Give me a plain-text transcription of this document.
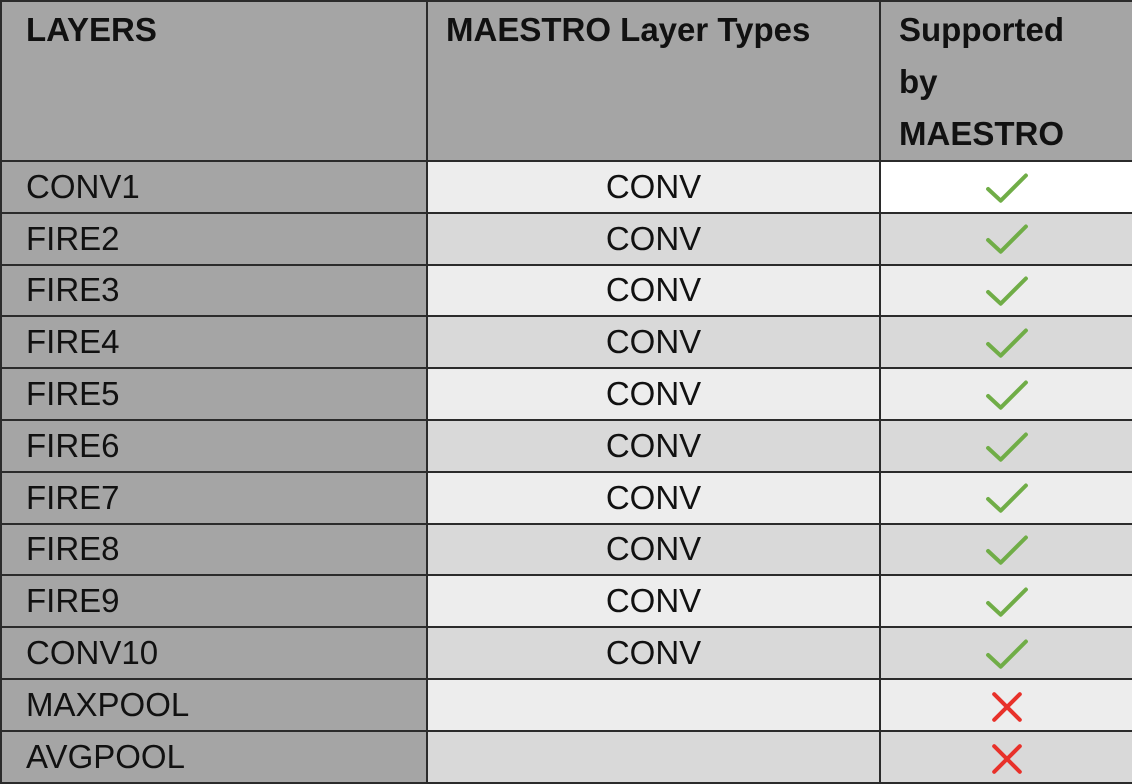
LAYERS	MAESTRO Layer Types	Supported
by
MAESTRO
CONV1	CONV	

FIRE2	CONV	

FIRE3	CONV	

FIRE4	CONV	

FIRE5	CONV	

FIRE6	CONV	

FIRE7	CONV	

FIRE8	CONV	

FIRE9	CONV	

CONV10	CONV	

MAXPOOL		

AVGPOOL		
